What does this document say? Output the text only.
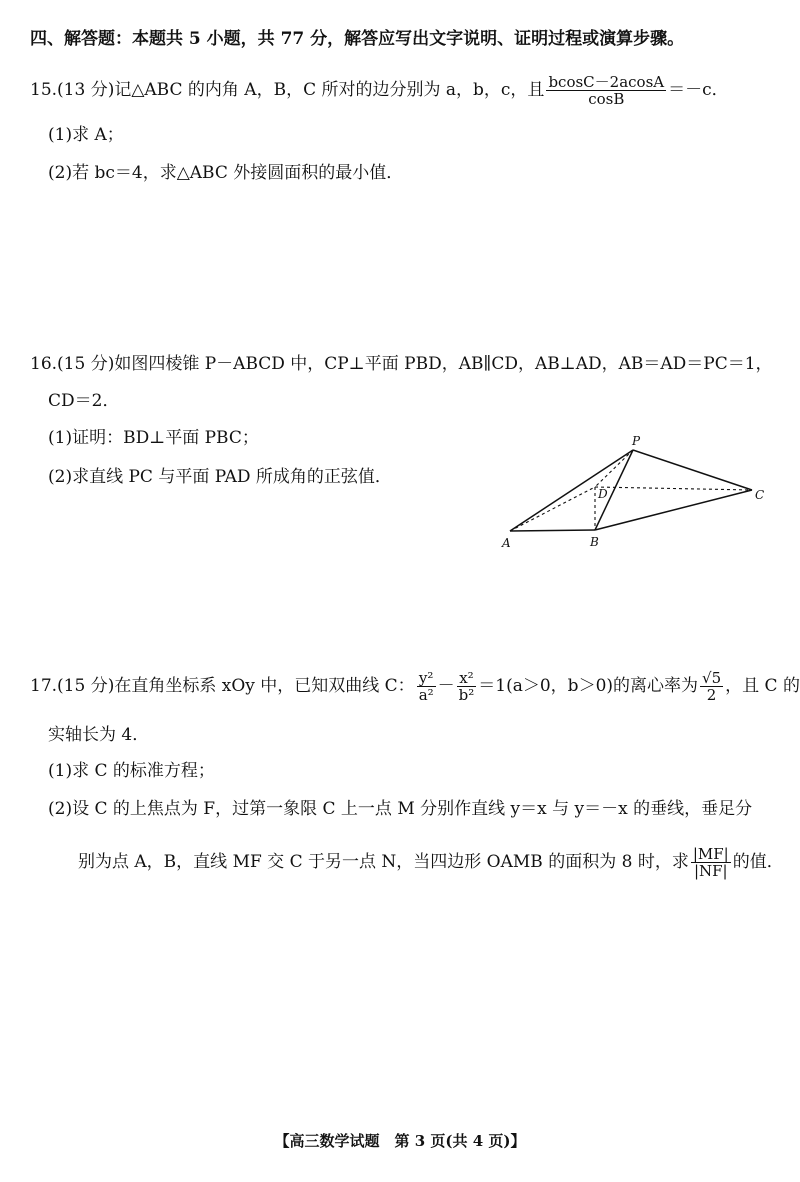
四、解答题：本题共 5 小题，共 77 分，解答应写出文字说明、证明过程或演算步骤。
15.(13 分)记△ABC 的内角 A，B，C 所对的边分别为 a，b，c，且 $\frac{bcosC-2acosA}{\cos B} =-c$．
(1)求 A；
(2)若 bc＝4，求△ABC 外接圆面积的最小值．
16.(15 分)如图四棱锥 P－ABCD 中，CP⊥平面 PBD，AB∥CD，AB⊥AD，AB＝AD＝PC＝1，
CD＝2．
(1)证明：BD⊥平面 PBC；
(2)求直线 PC 与平面 PAD 所成角的正弦值．
P
D	C
A	B
17.(15 分)在直角坐标系 xOy 中，已知双曲线 C： $\frac{\text{y²}}{\text{a²}} - \frac{\text{x²}}{\text{b²}} =1(a>0$，b＞0)的离心率为 $\frac{√5}{2}$ ，且 C 的
实轴长为 4．
(1)求 C 的标准方程；
(2)设 C 的上焦点为 F，过第一象限 C 上一点 M 分别作直线 y＝x 与 y＝－x 的垂线，垂足分
别为点 A，B，直线 MF 交 C 于另一点 N，当四边形 OAMB 的面积为 8 时，求 $\frac{|MF|}{|NF|}$ 的值．
【高三数学试题　第 3 页(共 4 页)】
